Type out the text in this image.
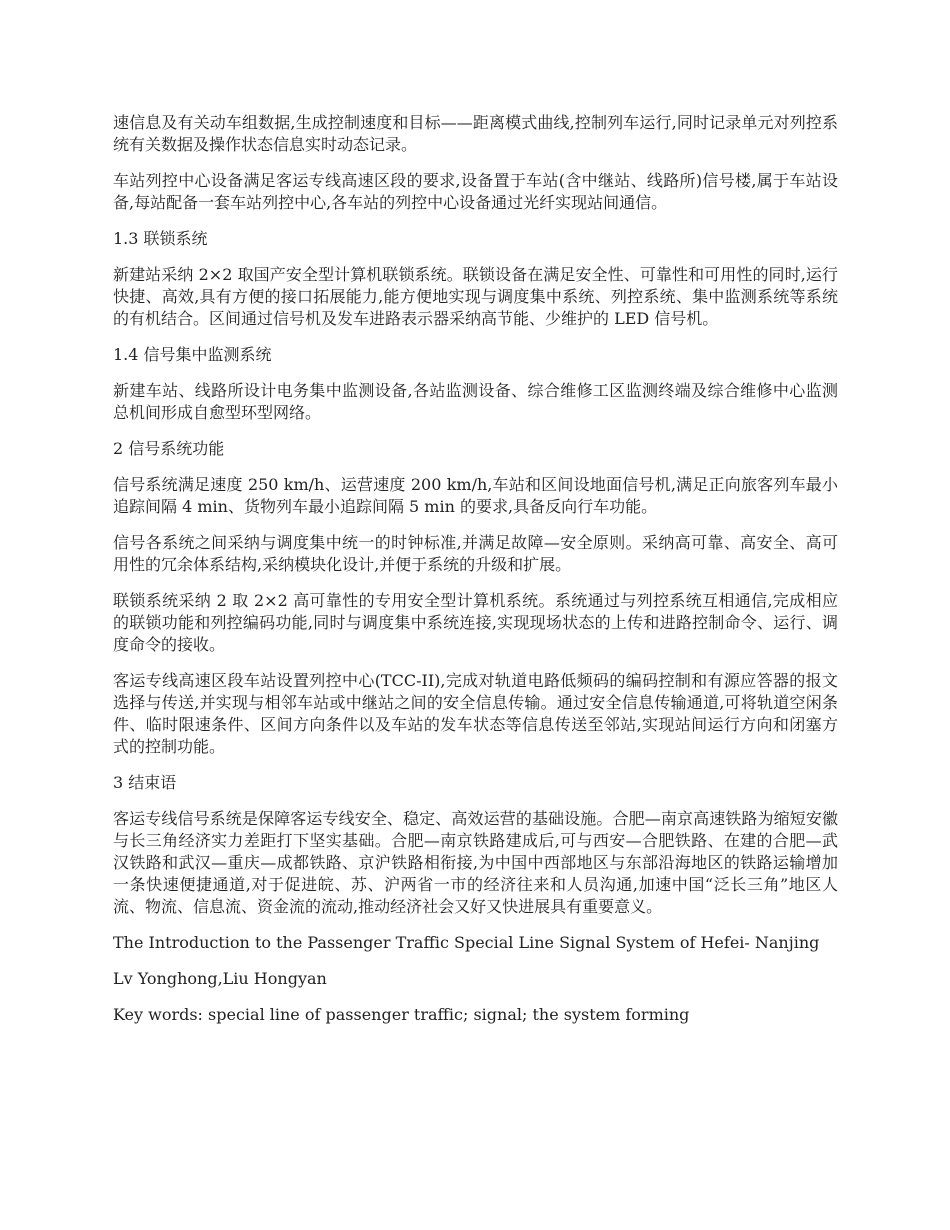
速信息及有关动车组数据,生成控制速度和目标——距离模式曲线,控制列车运行,同时记录单元对列控系统有关数据及操作状态信息实时动态记录。

车站列控中心设备满足客运专线高速区段的要求,设备置于车站(含中继站、线路所)信号楼,属于车站设备,每站配备一套车站列控中心,各车站的列控中心设备通过光纤实现站间通信。

1.3 联锁系统

新建站采纳 2×2 取国产安全型计算机联锁系统。联锁设备在满足安全性、可靠性和可用性的同时,运行快捷、高效,具有方便的接口拓展能力,能方便地实现与调度集中系统、列控系统、集中监测系统等系统的有机结合。区间通过信号机及发车进路表示器采纳高节能、少维护的 LED 信号机。

1.4 信号集中监测系统

新建车站、线路所设计电务集中监测设备,各站监测设备、综合维修工区监测终端及综合维修中心监测总机间形成自愈型环型网络。

2 信号系统功能

信号系统满足速度 250 km/h、运营速度 200 km/h,车站和区间设地面信号机,满足正向旅客列车最小追踪间隔 4 min、货物列车最小追踪间隔 5 min 的要求,具备反向行车功能。

信号各系统之间采纳与调度集中统一的时钟标准,并满足故障—安全原则。采纳高可靠、高安全、高可用性的冗余体系结构,采纳模块化设计,并便于系统的升级和扩展。

联锁系统采纳 2 取 2×2 高可靠性的专用安全型计算机系统。系统通过与列控系统互相通信,完成相应的联锁功能和列控编码功能,同时与调度集中系统连接,实现现场状态的上传和进路控制命令、运行、调度命令的接收。

客运专线高速区段车站设置列控中心(TCC-II),完成对轨道电路低频码的编码控制和有源应答器的报文选择与传送,并实现与相邻车站或中继站之间的安全信息传输。通过安全信息传输通道,可将轨道空闲条件、临时限速条件、区间方向条件以及车站的发车状态等信息传送至邻站,实现站间运行方向和闭塞方式的控制功能。

3 结束语

客运专线信号系统是保障客运专线安全、稳定、高效运营的基础设施。合肥—南京高速铁路为缩短安徽与长三角经济实力差距打下坚实基础。合肥—南京铁路建成后,可与西安—合肥铁路、在建的合肥—武汉铁路和武汉—重庆—成都铁路、京沪铁路相衔接,为中国中西部地区与东部沿海地区的铁路运输增加一条快速便捷通道,对于促进皖、苏、沪两省一市的经济往来和人员沟通,加速中国“泛长三角”地区人流、物流、信息流、资金流的流动,推动经济社会又好又快进展具有重要意义。

The Introduction to the Passenger Traffic Special Line Signal System of Hefei- Nanjing

Lv Yonghong,Liu Hongyan

Key words: special line of passenger traffic; signal; the system forming
